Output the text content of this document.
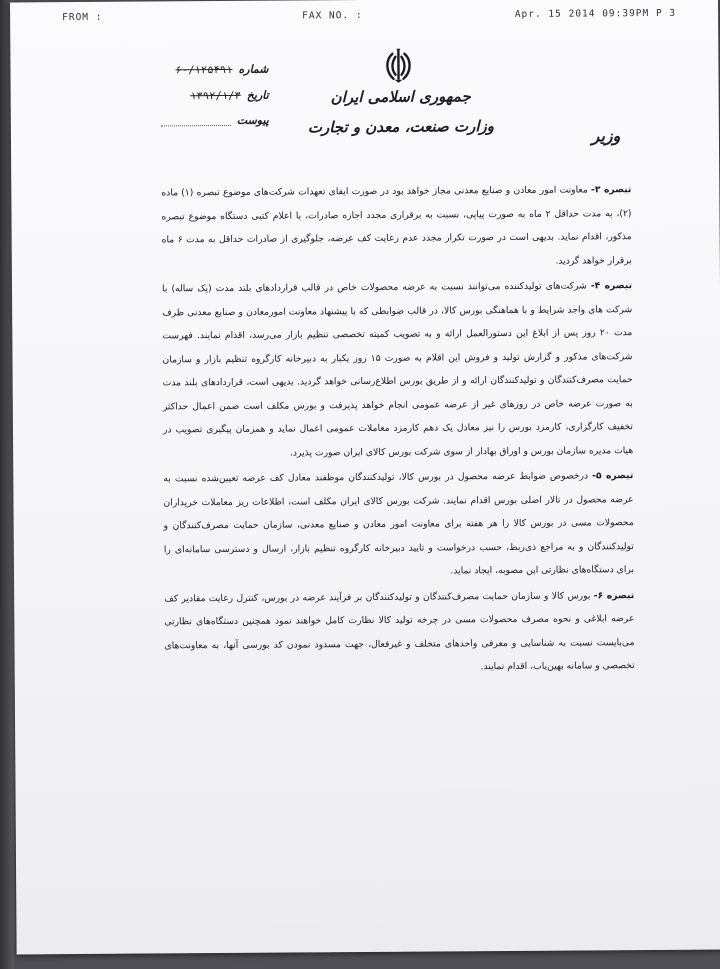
FROM :	FAX NO. :	Apr. 15 2014 09:39PM P 3
جمهوری اسلامی ایران
وزارت صنعت، معدن و تجارت	وزیر
شماره
۶۰/۱۲۵۴۹۱
تاریخ
۱۳۹۲/۱/۳
پیوست

تبصره ۳- معاونت امور معادن و صنایع معدنی مجاز خواهد بود در صورت ایفای تعهدات شرکت‌های موضوع تبصره (۱) ماده (۲)، به مدت حداقل ۲ ماه به صورت پیاپی، نسبت به برقراری مجدد اجازه صادرات، با اعلام کتبی دستگاه موضوع تبصره مذکور، اقدام نماید. بدیهی است در صورت تکرار مجدد عدم رعایت کف عرضه، جلوگیری از صادرات حداقل به مدت ۶ ماه برقرار خواهد گردید.

تبصره ۴- شرکت‌های تولیدکننده می‌توانند نسبت به عرضه محصولات خاص در قالب قراردادهای بلند مدت (یک ساله) با شرکت های واجد شرایط و با هماهنگی بورس کالا، در قالب ضوابطی که با پیشنهاد معاونت امورمعادن و صنایع معدنی ظرف مدت ۲۰ روز پس از ابلاغ این دستورالعمل ارائه و به تصویب کمیته تخصصی تنظیم بازار می‌رسد، اقدام نمایند. فهرست شرکت‌های مذکور و گزارش تولید و فروش این اقلام به صورت ۱۵ روز یکبار به دبیرخانه کارگروه تنظیم بازار و سازمان حمایت مصرف‌کنندگان و تولیدکنندگان ارائه و از طریق بورس اطلاع‌رسانی خواهد گردید. بدیهی است، قراردادهای بلند مدت به صورت عرضه خاص در روزهای غیر از عرضه عمومی انجام خواهد پذیرفت و بورس مکلف است ضمن اعمال حداکثر تخفیف کارگزاری، کارمزد بورس را نیز معادل یک دهم کارمزد معاملات عمومی اعمال نماید و همزمان پیگیری تصویب در هیات مدیره سازمان بورس و اوراق بهادار از سوی شرکت بورس کالای ایران صورت پذیرد.

تبصره ۵- درخصوص ضوابط عرضه محصول در بورس کالا، تولیدکنندگان موظفند معادل کف عرضه تعیین‌شده نسبت به عرضه محصول در تالار اصلی بورس اقدام نمایند. شرکت بورس کالای ایران مکلف است، اطلاعات ریز معاملات خریداران محصولات مسی در بورس کالا را هر هفته برای معاونت امور معادن و صنایع معدنی، سازمان حمایت مصرف‌کنندگان و تولیدکنندگان و به مراجع ذی‌ربط، حسب درخواست و تایید دبیرخانه کارگروه تنظیم بازار، ارسال و دسترسی سامانه‌ای را برای دستگاه‌های نظارتی این مصوبه، ایجاد نماید.

تبصره ۶- بورس کالا و سازمان حمایت مصرف‌کنندگان و تولیدکنندگان بر فرآیند عرضه در بورس، کنترل رعایت مقادیر کف عرضه ابلاغی و نحوه مصرف محصولات مسی در چرخه تولید کالا نظارت کامل خواهند نمود همچنین دستگاه‌های نظارتی می‌بایست نسبت به شناسایی و معرفی واحدهای متخلف و غیرفعال، جهت مسدود نمودن کد بورسی آنها، به معاونت‌های تخصصی و سامانه بهین‌یاب، اقدام نمایند.
